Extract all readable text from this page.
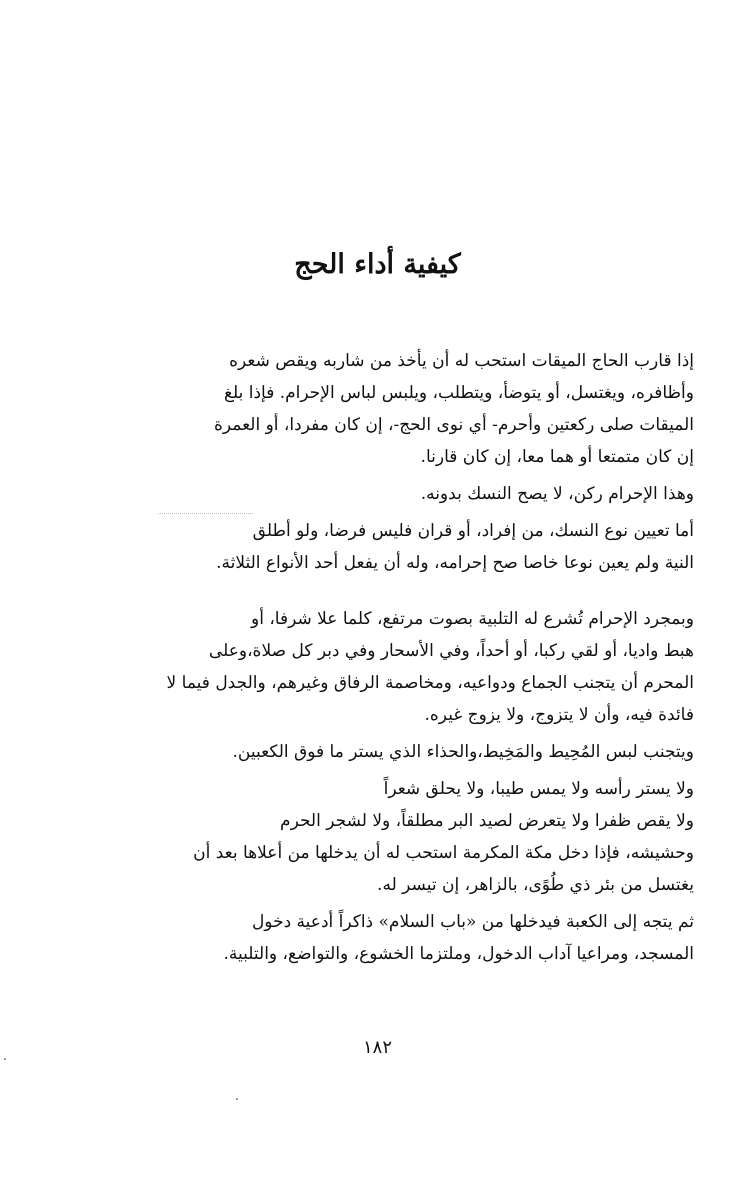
كيفية أداء الحج

إذا قارب الحاج الميقات استحب له أن يأخذ من شاربه ويقص شعره
وأظافره، ويغتسل، أو يتوضأ، ويتطلب، ويلبس لباس الإحرام. فإذا بلغ
الميقات صلى ركعتين وأحرم- أي نوى الحج-، إن كان مفردا، أو العمرة
إن كان متمتعا أو هما معا، إن كان قارنا.

وهذا الإحرام ركن، لا يصح النسك بدونه.

أما تعيين نوع النسك، من إفراد، أو قران فليس فرضا، ولو أطلق
النية ولم يعين نوعا خاصا صح إحرامه، وله أن يفعل أحد الأنواع الثلاثة.

وبمجرد الإحرام تُشرع له التلبية بصوت مرتفع، كلما علا شرفا، أو
هبط واديا، أو لقي ركبا، أو أحداً، وفي الأسحار وفي دبر كل صلاة،وعلى
المحرم أن يتجنب الجماع ودواعيه، ومخاصمة الرفاق وغيرهم، والجدل فيما لا
فائدة فيه، وأن لا يتزوج، ولا يزوج غيره.

ويتجنب لبس المُحِيط والمَخِيط،والحذاء الذي يستر ما فوق الكعبين.

ولا يستر رأسه ولا يمس طيبا، ولا يحلق شعراً

ولا يقص ظفرا ولا يتعرض لصيد البر مطلقاً، ولا لشجر الحرم
وحشيشه، فإذا دخل مكة المكرمة استحب له أن يدخلها من أعلاها بعد أن
يغتسل من بئر ذي طُوًى، بالزاهر، إن تيسر له.

ثم يتجه إلى الكعبة فيدخلها من «باب السلام» ذاكراً أدعية دخول
المسجد، ومراعيا آداب الدخول، وملتزما الخشوع، والتواضع، والتلبية.

١٨٢
